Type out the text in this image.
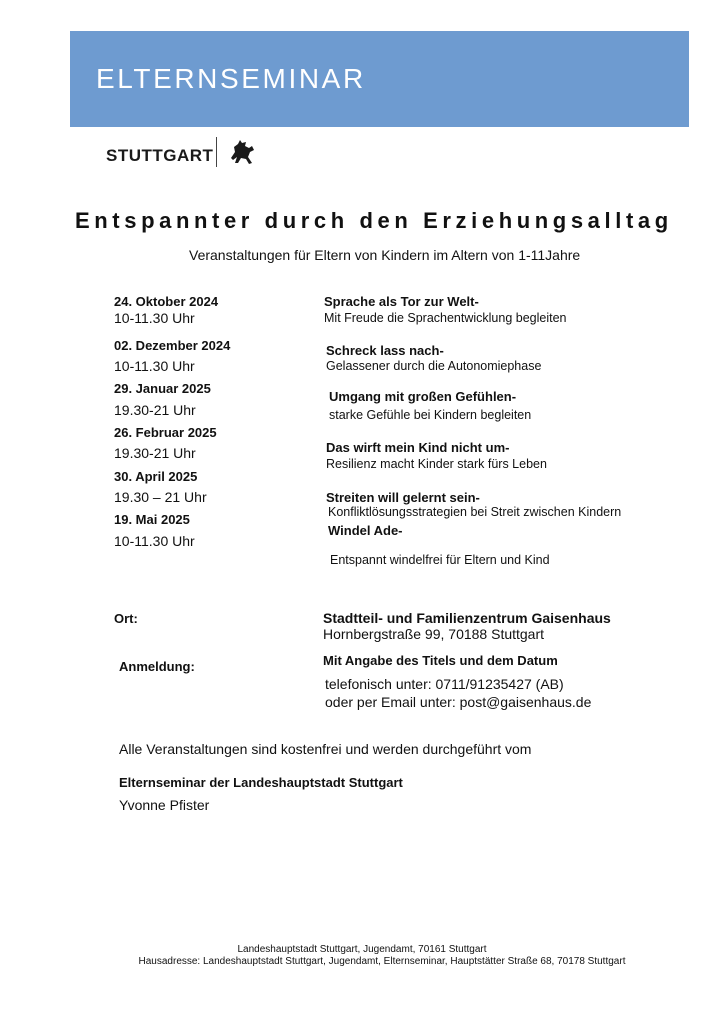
ELTERNSEMINAR
STUTTGART
Entspannter durch den Erziehungsalltag
Veranstaltungen für Eltern von Kindern im Altern von 1-11Jahre
24. Oktober 2024
10-11.30 Uhr
02. Dezember 2024
10-11.30 Uhr
29. Januar 2025
19.30-21 Uhr
26. Februar 2025
19.30-21 Uhr
30. April 2025
19.30 – 21 Uhr
19. Mai 2025
10-11.30 Uhr
Sprache als Tor zur Welt-
Mit Freude die Sprachentwicklung begleiten
Schreck lass nach-
Gelassener durch die Autonomiephase
Umgang mit großen Gefühlen-
starke Gefühle bei Kindern begleiten
Das wirft mein Kind nicht um-
Resilienz macht Kinder stark fürs Leben
Streiten will gelernt sein-
Konfliktlösungsstrategien bei Streit zwischen Kindern
Windel Ade-
Entspannt windelfrei für Eltern und Kind
Ort:	Stadtteil- und Familienzentrum Gaisenhaus
Hornbergstraße 99, 70188 Stuttgart
Anmeldung:	Mit Angabe des Titels und dem Datum
telefonisch unter: 0711/91235427 (AB)
oder per Email unter: post@gaisenhaus.de
Alle Veranstaltungen sind kostenfrei und werden durchgeführt vom
Elternseminar der Landeshauptstadt Stuttgart
Yvonne Pfister
Landeshauptstadt Stuttgart, Jugendamt, 70161 Stuttgart
Hausadresse: Landeshauptstadt Stuttgart, Jugendamt, Elternseminar, Hauptstätter Straße 68, 70178 Stuttgart
